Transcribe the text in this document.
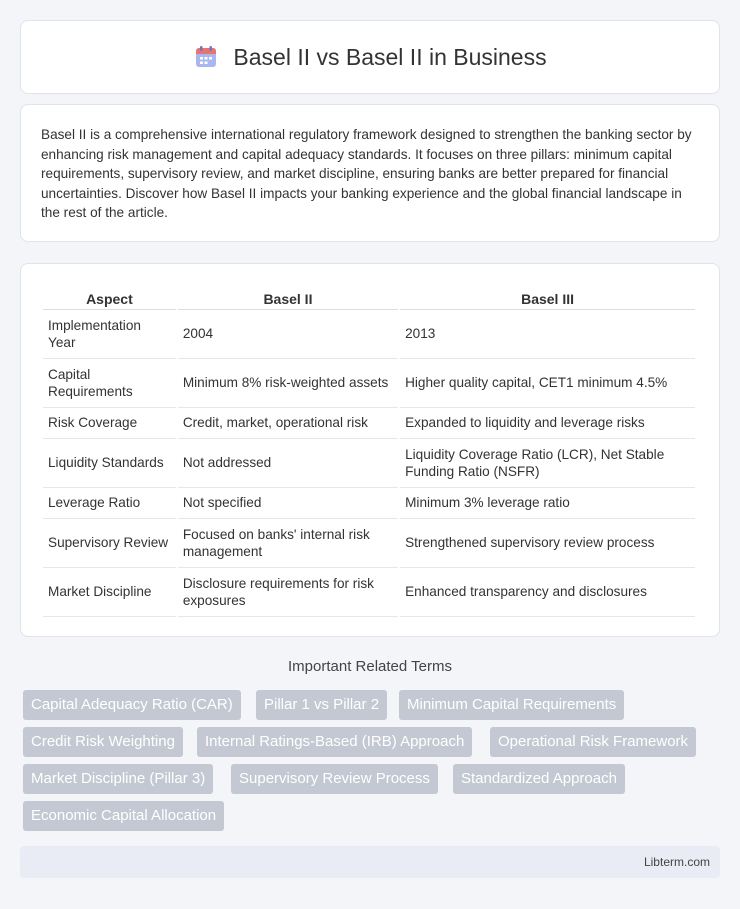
Basel II vs Basel II in Business

Basel II is a comprehensive international regulatory framework designed to strengthen the banking sector by enhancing risk management and capital adequacy standards. It focuses on three pillars: minimum capital requirements, supervisory review, and market discipline, ensuring banks are better prepared for financial uncertainties. Discover how Basel II impacts your banking experience and the global financial landscape in the rest of the article.

Aspect	Basel II	Basel III
Implementation Year	2004	2013
Capital Requirements	Minimum 8% risk-weighted assets	Higher quality capital, CET1 minimum 4.5%
Risk Coverage	Credit, market, operational risk	Expanded to liquidity and leverage risks
Liquidity Standards	Not addressed	Liquidity Coverage Ratio (LCR), Net Stable Funding Ratio (NSFR)
Leverage Ratio	Not specified	Minimum 3% leverage ratio
Supervisory Review	Focused on banks' internal risk management	Strengthened supervisory review process
Market Discipline	Disclosure requirements for risk exposures	Enhanced transparency and disclosures
Important Related Terms
Capital Adequacy Ratio (CAR)	Pillar 1 vs Pillar 2	Minimum Capital Requirements
Credit Risk Weighting	Internal Ratings-Based (IRB) Approach	Operational Risk Framework
Market Discipline (Pillar 3)	Supervisory Review Process	Standardized Approach
Economic Capital Allocation
Libterm.com
